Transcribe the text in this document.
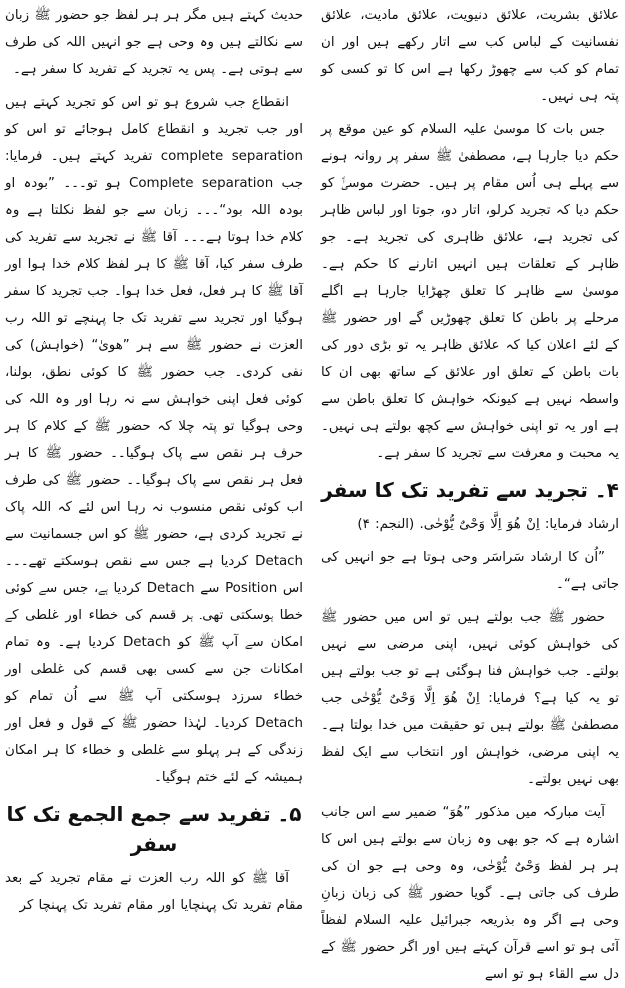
علائق بشریت، علائق دنیویت، علائق مادیت، علائق نفسانیت کے لباس کب سے اتار رکھے ہیں اور ان تمام کو کب سے چھوڑ رکھا ہے اس کا تو کسی کو پتہ ہی نہیں۔

جس بات کا موسیٰ علیہ السلام کو عین موقع پر حکم دیا جارہا ہے، مصطفیٰ ﷺ سفر پر روانہ ہونے سے پہلے ہی اُس مقام پر ہیں۔ حضرت موسیٰؑ کو حکم دیا کہ تجرید کرلو، اتار دو، جوتا اور لباس ظاہر کی تجرید ہے، علائق ظاہری کی تجرید ہے۔ جو ظاہر کے تعلقات ہیں انہیں اتارنے کا حکم ہے۔ موسیٰ سے ظاہر کا تعلق چھڑایا جارہا ہے اگلے مرحلے پر باطن کا تعلق چھوڑیں گے اور حضور ﷺ کے لئے اعلان کیا کہ علائق ظاہر یہ تو بڑی دور کی بات باطن کے تعلق اور علائق کے ساتھ بھی ان کا واسطہ نہیں ہے کیونکہ خواہش کا تعلق باطن سے ہے اور یہ تو اپنی خواہش سے کچھ بولتے ہی نہیں۔ یہ محبت و معرفت سے تجرید کا سفر ہے۔

۴۔ تجرید سے تفرید تک کا سفر

ارشاد فرمایا: اِنْ هُوَ اِلَّا وَحْیٌ یُّوْحٰی. (النجم: ۴)

”اُن کا ارشاد سَراسَر وحی ہوتا ہے جو انہیں کی جاتی ہے“۔

حضور ﷺ جب بولتے ہیں تو اس میں حضور ﷺ کی خواہش کوئی نہیں، اپنی مرضی سے نہیں بولتے۔ جب خواہش فنا ہوگئی ہے تو جب بولتے ہیں تو یہ کیا ہے؟ فرمایا: اِنْ هُوَ اِلَّا وَحْیٌ یُّوْحٰی جب مصطفیٰ ﷺ بولتے ہیں تو حقیقت میں خدا بولتا ہے۔ یہ اپنی مرضی، خواہش اور انتخاب سے ایک لفظ بھی نہیں بولتے۔

آیت مبارکہ میں مذکور ”ھُوَ“ ضمیر سے اس جانب اشارہ ہے کہ جو بھی وہ زبان سے بولتے ہیں اس کا ہر ہر لفظ وَحْیٌ یُّوْحٰی، وہ وحی ہے جو ان کی طرف کی جاتی ہے۔ گویا حضور ﷺ کی زبان زبانِ وحی ہے اگر وہ بذریعہ جبرائیل علیہ السلام لفظاً آئی ہو تو اسے قرآن کہتے ہیں اور اگر حضور ﷺ کے دل سے القاء ہو تو اسے

حدیث کہتے ہیں مگر ہر ہر لفظ جو حضور ﷺ زبان سے نکالتے ہیں وہ وحی ہے جو انہیں اللہ کی طرف سے ہوتی ہے۔ پس یہ تجرید کے تفرید کا سفر ہے۔

انقطاع جب شروع ہو تو اس کو تجرید کہتے ہیں اور جب تجرید و انقطاع کامل ہوجائے تو اس کو complete separation تفرید کہتے ہیں۔ فرمایا: جب Complete separation ہو تو۔۔۔ ”بودہ او بودہ اللہ بود“۔۔۔ زبان سے جو لفظ نکلتا ہے وہ کلام خدا ہوتا ہے۔۔۔ آقا ﷺ نے تجرید سے تفرید کی طرف سفر کیا، آقا ﷺ کا ہر لفظ کلام خدا ہوا اور آقا ﷺ کا ہر فعل، فعل خدا ہوا۔ جب تجرید کا سفر ہوگیا اور تجرید سے تفرید تک جا پہنچے تو اللہ رب العزت نے حضور ﷺ سے ہر ”ھویٰ“ (خواہش) کی نفی کردی۔ جب حضور ﷺ کا کوئی نطق، بولنا، کوئی فعل اپنی خواہش سے نہ رہا اور وہ اللہ کی وحی ہوگیا تو پتہ چلا کہ حضور ﷺ کے کلام کا ہر حرف ہر نقص سے پاک ہوگیا۔۔ حضور ﷺ کا ہر فعل ہر نقص سے پاک ہوگیا۔۔ حضور ﷺ کی طرف اب کوئی نقص منسوب نہ رہا اس لئے کہ اللہ پاک نے تجرید کردی ہے، حضور ﷺ کو اس جسمانیت سے Detach کردیا ہے جس سے نقص ہوسکتے تھے۔۔۔ اس Position سے Detach کردیا ہے، جس سے کوئی خطا ہوسکتی تھی۔ ہر قسم کی خطاء اور غلطی کے امکان سے آپ ﷺ کو Detach کردیا ہے۔ وہ تمام امکانات جن سے کسی بھی قسم کی غلطی اور خطاء سرزد ہوسکتی آپ ﷺ سے اُن تمام کو Detach کردیا۔ لہٰذا حضور ﷺ کے قول و فعل اور زندگی کے ہر پہلو سے غلطی و خطاء کا ہر امکان ہمیشہ کے لئے ختم ہوگیا۔

۵۔ تفرید سے جمع الجمع تک کا سفر

آقا ﷺ کو اللہ رب العزت نے مقام تجرید کے بعد مقام تفرید تک پہنچایا اور مقام تفرید تک پہنچا کر
